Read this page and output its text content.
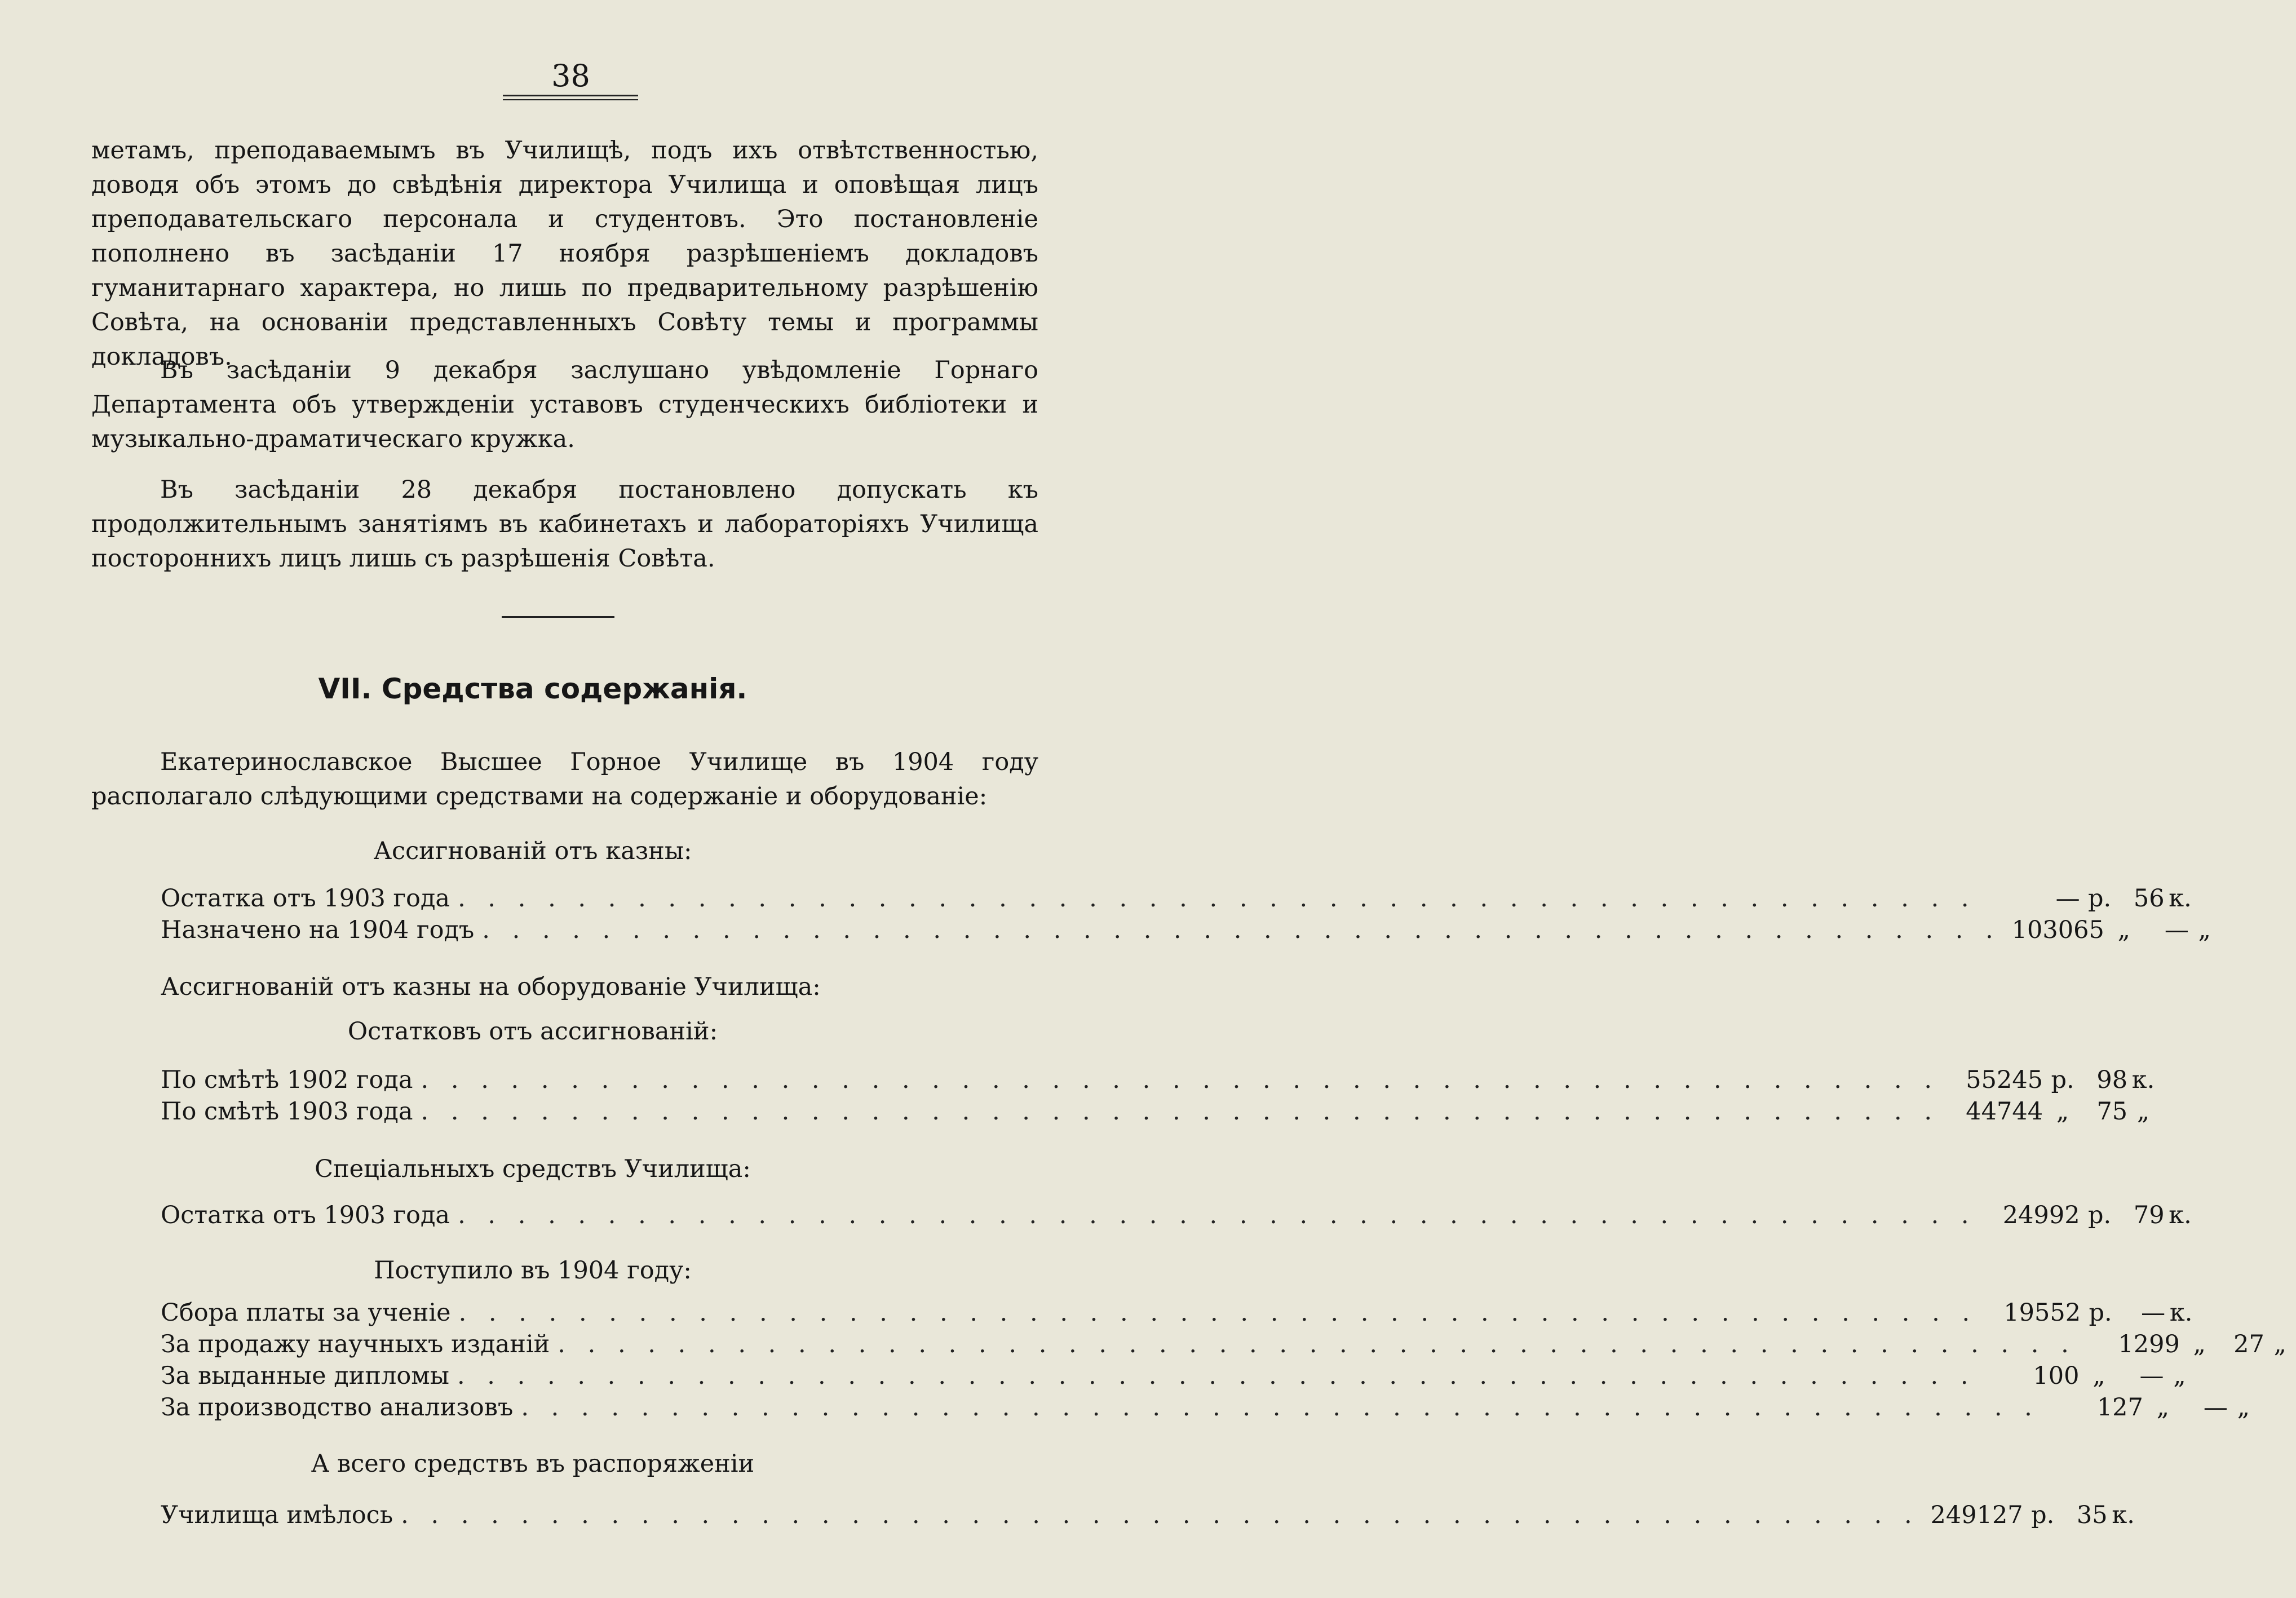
38

метамъ, преподаваемымъ въ Училищѣ, подъ ихъ отвѣтственностью, доводя объ этомъ до свѣдѣнія директора Училища и оповѣщая лицъ преподавательскаго персонала и студентовъ. Это постановленіе пополнено въ засѣданіи 17 ноября разрѣшеніемъ докладовъ гуманитарнаго характера, но лишь по предварительному разрѣшенію Совѣта, на основаніи представленныхъ Совѣту темы и программы докладовъ.

Въ засѣданіи 9 декабря заслушано увѣдомленіе Горнаго Департамента объ утвержденіи уставовъ студенческихъ библіотеки и музыкально-драматическаго кружка.

Въ засѣданіи 28 декабря постановлено допускать къ продолжительнымъ занятіямъ въ кабинетахъ и лабораторіяхъ Училища постороннихъ лицъ лишь съ разрѣшенія Совѣта.

VII. Средства содержанія.

Екатеринославское Высшее Горное Училище въ 1904 году располагало слѣдующими средствами на содержаніе и оборудованіе:

Ассигнованій отъ казны:
Остатка отъ 1903 года . . . . . . . . . . . . . . . . . . . . . . . . . . . . . . . . . . . . . . . . . . . . . . . . . . .	— р. 56 к.
Назначено на 1904 годъ . . . . . . . . . . . . . . . . . . . . . . . . . . . . . . . . . . . . . . . . . . . . . . . . . . . 103065 „ — „
Ассигнованій отъ казны на оборудованіе Училища:
Остатковъ отъ ассигнованій:
По смѣтѣ 1902 года . . . . . . . . . . . . . . . . . . . . . . . . . . . . . . . . . . . . . . . . . . . . . . . . . . .	55245 р. 98 к.
По смѣтѣ 1903 года . . . . . . . . . . . . . . . . . . . . . . . . . . . . . . . . . . . . . . . . . . . . . . . . . . .	44744 „ 75 „
Спеціальныхъ средствъ Училища:
Остатка отъ 1903 года . . . . . . . . . . . . . . . . . . . . . . . . . . . . . . . . . . . . . . . . . . . . . . . . . . .	24992 р. 79 к.
Поступило въ 1904 году:
Сбора платы за ученіе . . . . . . . . . . . . . . . . . . . . . . . . . . . . . . . . . . . . . . . . . . . . . . . . . . .	19552 р. — к.
За продажу научныхъ изданій . . . . . . . . . . . . . . . . . . . . . . . . . . . . . . . . . . . . . . . . . . . . . . . . . . .	1299 „ 27 „
За выданные дипломы . . . . . . . . . . . . . . . . . . . . . . . . . . . . . . . . . . . . . . . . . . . . . . . . . . .	100 „ — „
За производство анализовъ . . . . . . . . . . . . . . . . . . . . . . . . . . . . . . . . . . . . . . . . . . . . . . . . . . .	127 „ — „
А всего средствъ въ распоряженіи
Училища имѣлось . . . . . . . . . . . . . . . . . . . . . . . . . . . . . . . . . . . . . . . . . . . . . . . . . . . 249127 р. 35 к.
